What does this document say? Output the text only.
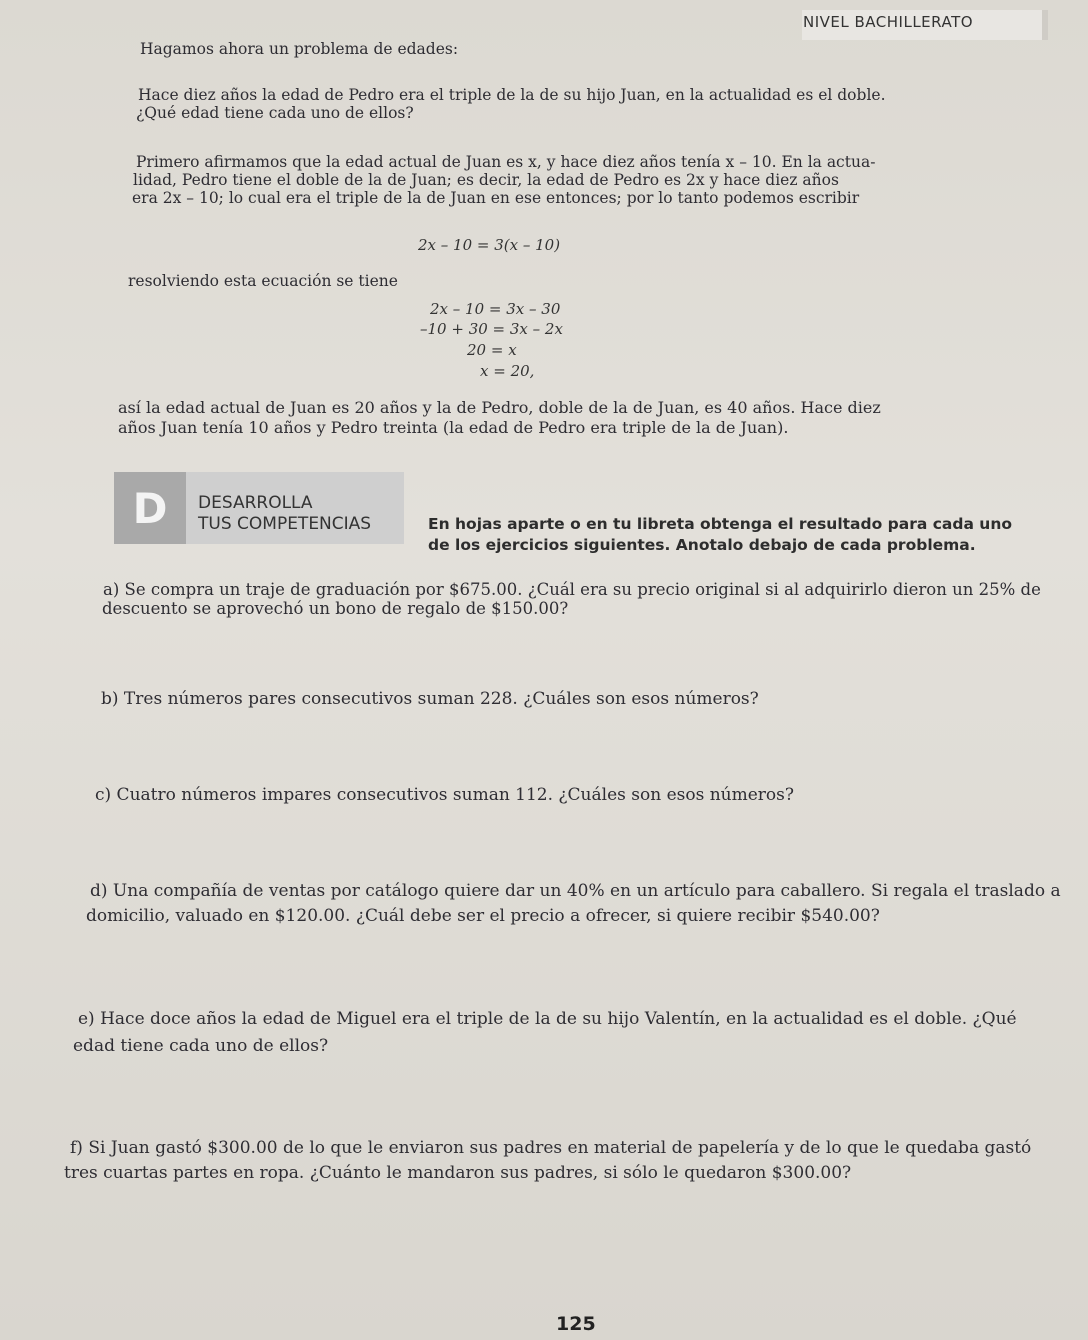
NIVEL BACHILLERATO
Hagamos ahora un problema de edades:
Hace diez años la edad de Pedro era el triple de la de su hijo Juan, en la actualidad es el doble.
¿Qué edad tiene cada uno de ellos?
Primero afirmamos que la edad actual de Juan es x, y hace diez años tenía x – 10. En la actua-
lidad, Pedro tiene el doble de la de Juan; es decir, la edad de Pedro es 2x y hace diez años
era 2x – 10; lo cual era el triple de la de Juan en ese entonces; por lo tanto podemos escribir
2x – 10 = 3(x – 10)
resolviendo esta ecuación se tiene
2x – 10 = 3x – 30
–10 + 30 = 3x – 2x
20 = x
x = 20,
así la edad actual de Juan es 20 años y la de Pedro, doble de la de Juan, es 40 años. Hace diez
años Juan tenía 10 años y Pedro treinta (la edad de Pedro era triple de la de Juan).
D	DESARROLLA
TUS COMPETENCIAS	En hojas aparte o en tu libreta obtenga el resultado para cada uno
de los ejercicios siguientes. Anotalo debajo de cada problema.
a) Se compra un traje de graduación por $675.00. ¿Cuál era su precio original si al adquirirlo dieron un 25% de
descuento se aprovechó un bono de regalo de $150.00?
b) Tres números pares consecutivos suman 228. ¿Cuáles son esos números?
c) Cuatro números impares consecutivos suman 112. ¿Cuáles son esos números?
d) Una compañía de ventas por catálogo quiere dar un 40% en un artículo para caballero. Si regala el traslado a
domicilio, valuado en $120.00. ¿Cuál debe ser el precio a ofrecer, si quiere recibir $540.00?
e) Hace doce años la edad de Miguel era el triple de la de su hijo Valentín, en la actualidad es el doble. ¿Qué
edad tiene cada uno de ellos?
f) Si Juan gastó $300.00 de lo que le enviaron sus padres en material de papelería y de lo que le quedaba gastó
tres cuartas partes en ropa. ¿Cuánto le mandaron sus padres, si sólo le quedaron $300.00?
125
